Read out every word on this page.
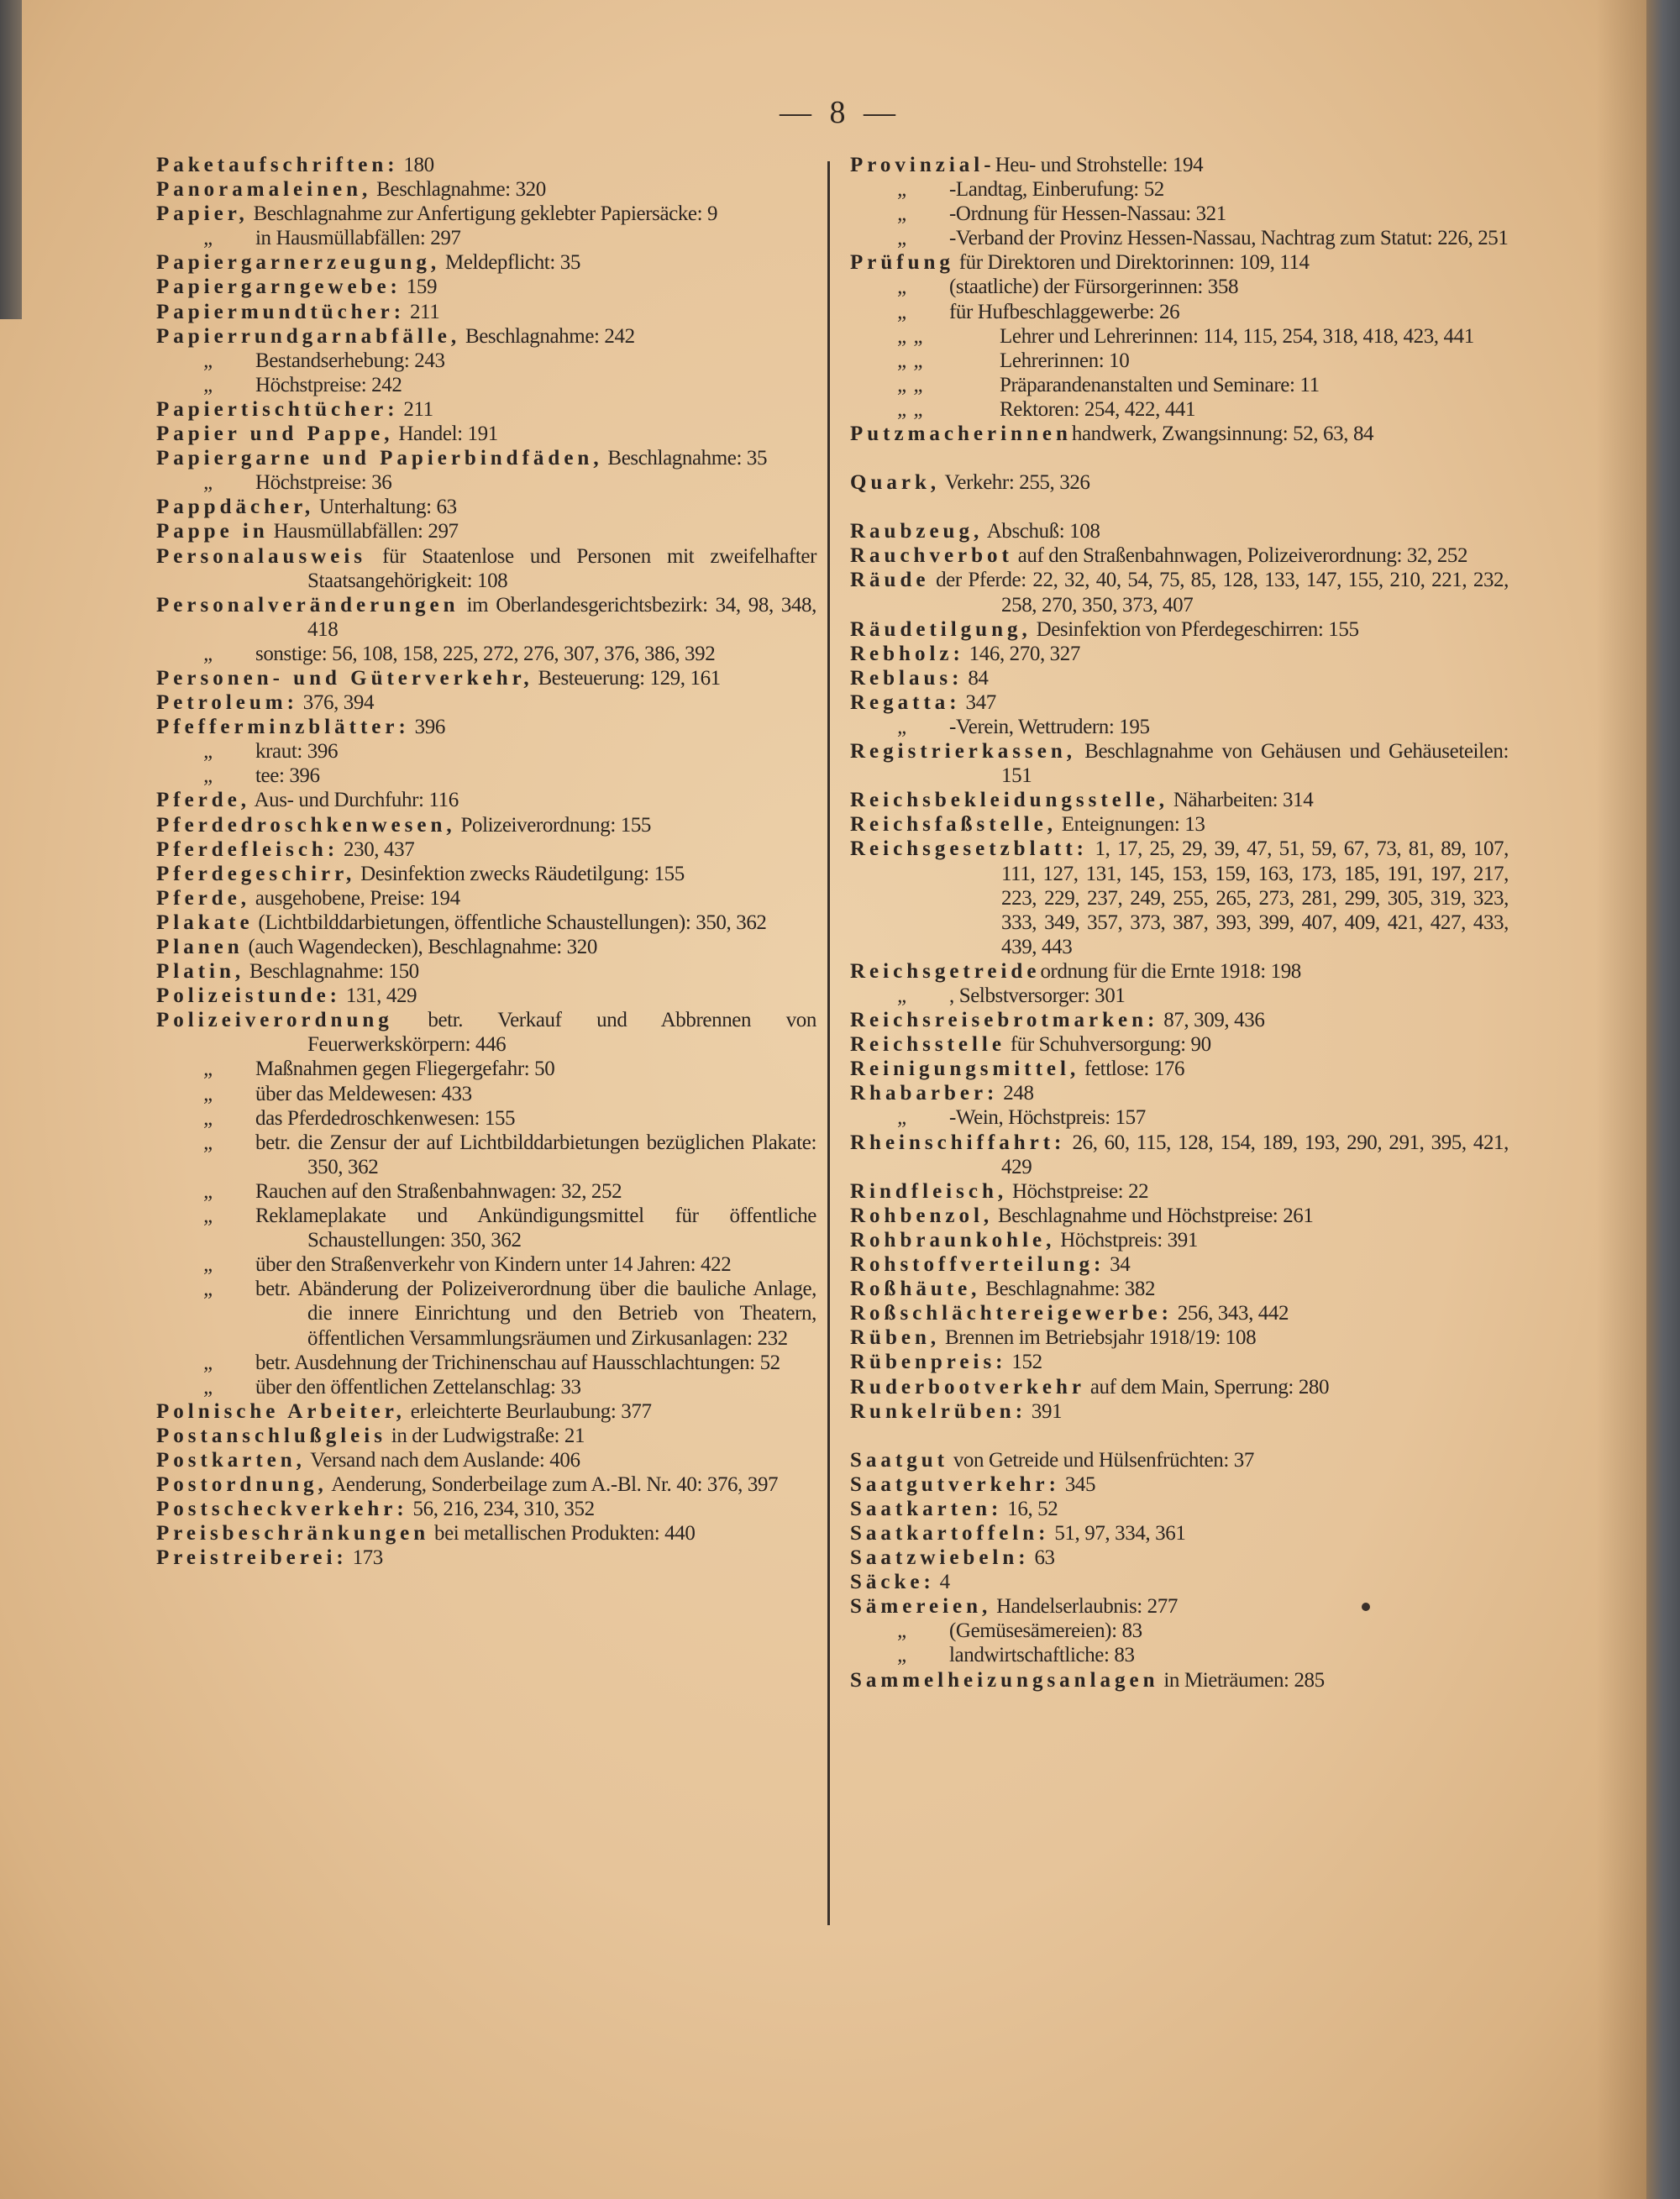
— 8 —
Paketaufschriften: 180
Panoramaleinen, Beschlagnahme: 320
Papier, Beschlagnahme zur Anfertigung geklebter Papiersäcke: 9
„ in Hausmüllabfällen: 297
Papiergarnerzeugung, Meldepflicht: 35
Papiergarngewebe: 159
Papiermundtücher: 211
Papierrundgarnabfälle, Beschlagnahme: 242
„ Bestandserhebung: 243
„ Höchstpreise: 242
Papiertischtücher: 211
Papier und Pappe, Handel: 191
Papiergarne und Papierbindfäden, Beschlagnahme: 35
„ Höchstpreise: 36
Pappdächer, Unterhaltung: 63
Pappe in Hausmüllabfällen: 297
Personalausweis für Staatenlose und Personen mit zweifelhafter Staatsangehörigkeit: 108
Personalveränderungen im Oberlandesgerichtsbezirk: 34, 98, 348, 418
„ sonstige: 56, 108, 158, 225, 272, 276, 307, 376, 386, 392
Personen- und Güterverkehr, Besteuerung: 129, 161
Petroleum: 376, 394
Pfefferminzblätter: 396
„ kraut: 396
„ tee: 396
Pferde, Aus- und Durchfuhr: 116
Pferdedroschkenwesen, Polizeiverordnung: 155
Pferdefleisch: 230, 437
Pferdegeschirr, Desinfektion zwecks Räudetilgung: 155
Pferde, ausgehobene, Preise: 194
Plakate (Lichtbilddarbietungen, öffentliche Schaustellungen): 350, 362
Planen (auch Wagendecken), Beschlagnahme: 320
Platin, Beschlagnahme: 150
Polizeistunde: 131, 429
Polizeiverordnung betr. Verkauf und Abbrennen von Feuerwerkskörpern: 446
„ Maßnahmen gegen Fliegergefahr: 50
„ über das Meldewesen: 433
„ das Pferdedroschkenwesen: 155
„ betr. die Zensur der auf Lichtbilddarbietungen bezüglichen Plakate: 350, 362
„ Rauchen auf den Straßenbahnwagen: 32, 252
„ Reklameplakate und Ankündigungsmittel für öffentliche Schaustellungen: 350, 362
„ über den Straßenverkehr von Kindern unter 14 Jahren: 422
„ betr. Abänderung der Polizeiverordnung über die bauliche Anlage, die innere Einrichtung und den Betrieb von Theatern, öffentlichen Versammlungsräumen und Zirkusanlagen: 232
„ betr. Ausdehnung der Trichinenschau auf Hausschlachtungen: 52
„ über den öffentlichen Zettelanschlag: 33
Polnische Arbeiter, erleichterte Beurlaubung: 377
Postanschlußgleis in der Ludwigstraße: 21
Postkarten, Versand nach dem Auslande: 406
Postordnung, Aenderung, Sonderbeilage zum A.-Bl. Nr. 40: 376, 397
Postscheckverkehr: 56, 216, 234, 310, 352
Preisbeschränkungen bei metallischen Produkten: 440
Preistreiberei: 173
Provinzial-Heu- und Strohstelle: 194
„ -Landtag, Einberufung: 52
„ -Ordnung für Hessen-Nassau: 321
„ -Verband der Provinz Hessen-Nassau, Nachtrag zum Statut: 226, 251
Prüfung für Direktoren und Direktorinnen: 109, 114
„ (staatliche) der Fürsorgerinnen: 358
„ für Hufbeschlaggewerbe: 26
„ „	Lehrer und Lehrerinnen: 114, 115, 254, 318, 418, 423, 441
„ „	Lehrerinnen: 10
„ „	Präparandenanstalten und Seminare: 11
„ „	Rektoren: 254, 422, 441
Putzmacherinnenhandwerk, Zwangsinnung: 52, 63, 84
Quark, Verkehr: 255, 326
Raubzeug, Abschuß: 108
Rauchverbot auf den Straßenbahnwagen, Polizeiverordnung: 32, 252
Räude der Pferde: 22, 32, 40, 54, 75, 85, 128, 133, 147, 155, 210, 221, 232, 258, 270, 350, 373, 407
Räudetilgung, Desinfektion von Pferdegeschirren: 155
Rebholz: 146, 270, 327
Reblaus: 84
Regatta: 347
„ -Verein, Wettrudern: 195
Registrierkassen, Beschlagnahme von Gehäusen und Gehäuseteilen: 151
Reichsbekleidungsstelle, Näharbeiten: 314
Reichsfaßstelle, Enteignungen: 13
Reichsgesetzblatt: 1, 17, 25, 29, 39, 47, 51, 59, 67, 73, 81, 89, 107, 111, 127, 131, 145, 153, 159, 163, 173, 185, 191, 197, 217, 223, 229, 237, 249, 255, 265, 273, 281, 299, 305, 319, 323, 333, 349, 357, 373, 387, 393, 399, 407, 409, 421, 427, 433, 439, 443
Reichsgetreideordnung für die Ernte 1918: 198
„ , Selbstversorger: 301
Reichsreisebrotmarken: 87, 309, 436
Reichsstelle für Schuhversorgung: 90
Reinigungsmittel, fettlose: 176
Rhabarber: 248
„ -Wein, Höchstpreis: 157
Rheinschiffahrt: 26, 60, 115, 128, 154, 189, 193, 290, 291, 395, 421, 429
Rindfleisch, Höchstpreise: 22
Rohbenzol, Beschlagnahme und Höchstpreise: 261
Rohbraunkohle, Höchstpreis: 391
Rohstoffverteilung: 34
Roßhäute, Beschlagnahme: 382
Roßschlächtereigewerbe: 256, 343, 442
Rüben, Brennen im Betriebsjahr 1918/19: 108
Rübenpreis: 152
Ruderbootverkehr auf dem Main, Sperrung: 280
Runkelrüben: 391
Saatgut von Getreide und Hülsenfrüchten: 37
Saatgutverkehr: 345
Saatkarten: 16, 52
Saatkartoffeln: 51, 97, 334, 361
Saatzwiebeln: 63
Säcke: 4
Sämereien, Handelserlaubnis: 277
„ (Gemüsesämereien): 83
„ landwirtschaftliche: 83
Sammelheizungsanlagen in Mieträumen: 285
